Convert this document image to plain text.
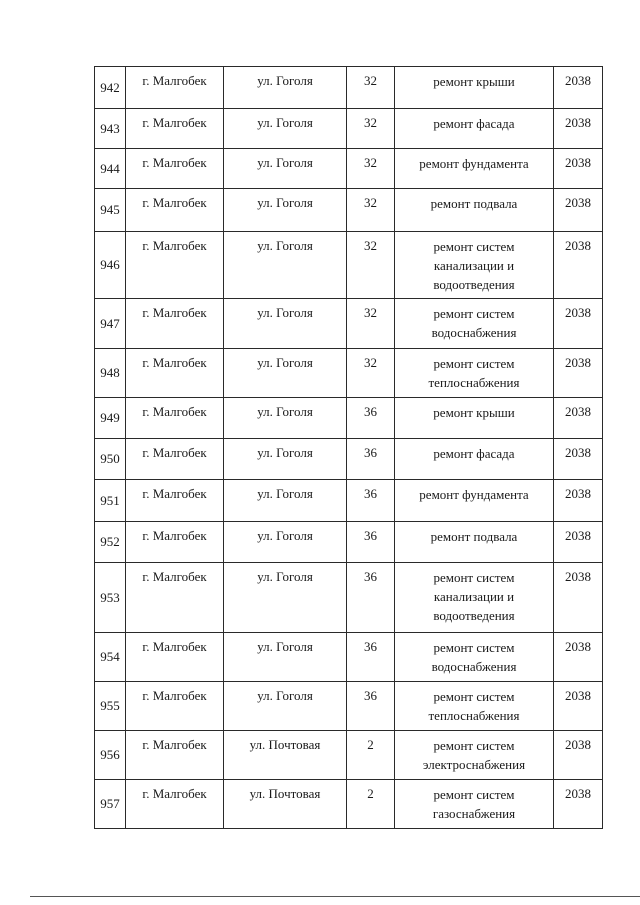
942	г. Малгобек	ул. Гоголя	32	ремонт крыши	2038
943	г. Малгобек	ул. Гоголя	32	ремонт фасада	2038
944	г. Малгобек	ул. Гоголя	32	ремонт фундамента	2038
945	г. Малгобек	ул. Гоголя	32	ремонт подвала	2038
946	г. Малгобек	ул. Гоголя	32	ремонт систем
канализации и
водоотведения	2038
947	г. Малгобек	ул. Гоголя	32	ремонт систем
водоснабжения	2038
948	г. Малгобек	ул. Гоголя	32	ремонт систем
теплоснабжения	2038
949	г. Малгобек	ул. Гоголя	36	ремонт крыши	2038
950	г. Малгобек	ул. Гоголя	36	ремонт фасада	2038
951	г. Малгобек	ул. Гоголя	36	ремонт фундамента	2038
952	г. Малгобек	ул. Гоголя	36	ремонт подвала	2038
953	г. Малгобек	ул. Гоголя	36	ремонт систем
канализации и
водоотведения	2038
954	г. Малгобек	ул. Гоголя	36	ремонт систем
водоснабжения	2038
955	г. Малгобек	ул. Гоголя	36	ремонт систем
теплоснабжения	2038
956	г. Малгобек	ул. Почтовая	2	ремонт систем
электроснабжения	2038
957	г. Малгобек	ул. Почтовая	2	ремонт систем
газоснабжения	2038
